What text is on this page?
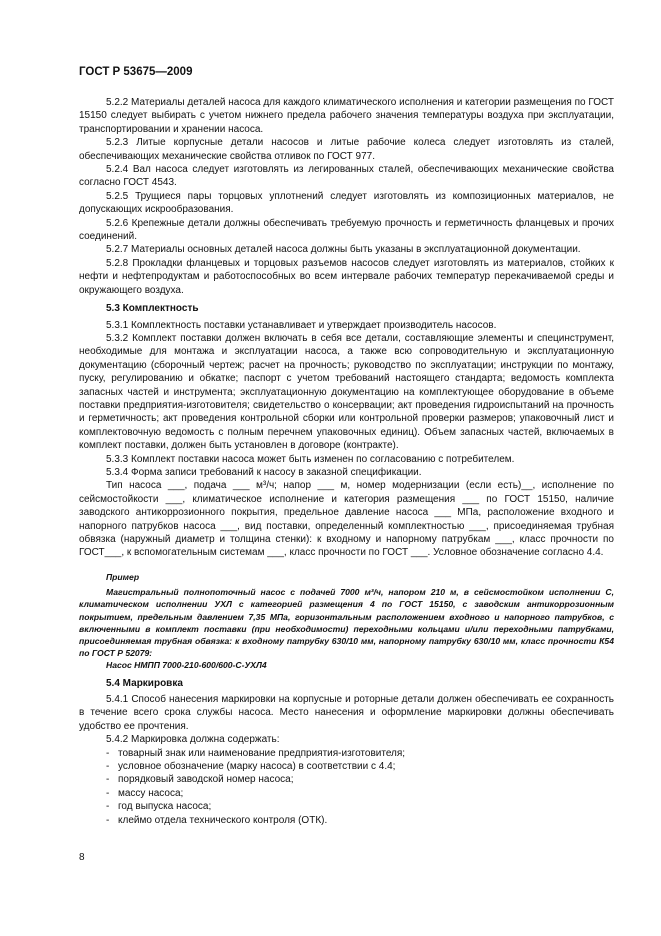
ГОСТ Р 53675—2009

5.2.2 Материалы деталей насоса для каждого климатического исполнения и категории размещения по ГОСТ 15150 следует выбирать с учетом нижнего предела рабочего значения температуры воздуха при эксплуатации, транспортировании и хранении насоса.

5.2.3 Литые корпусные детали насосов и литые рабочие колеса следует изготовлять из сталей, обеспечивающих механические свойства отливок по ГОСТ 977.

5.2.4 Вал насоса следует изготовлять из легированных сталей, обеспечивающих механические свойства согласно ГОСТ 4543.

5.2.5 Трущиеся пары торцовых уплотнений следует изготовлять из композиционных материалов, не допускающих искрообразования.

5.2.6 Крепежные детали должны обеспечивать требуемую прочность и герметичность фланцевых и прочих соединений.

5.2.7 Материалы основных деталей насоса должны быть указаны в эксплуатационной документации.

5.2.8 Прокладки фланцевых и торцовых разъемов насосов следует изготовлять из материалов, стойких к нефти и нефтепродуктам и работоспособных во всем интервале рабочих температур перекачиваемой среды и окружающего воздуха.

5.3 Комплектность

5.3.1 Комплектность поставки устанавливает и утверждает производитель насосов.

5.3.2 Комплект поставки должен включать в себя все детали, составляющие элементы и специнструмент, необходимые для монтажа и эксплуатации насоса, а также всю сопроводительную и эксплуатационную документацию (сборочный чертеж; расчет на прочность; руководство по эксплуатации; инструкции по монтажу, пуску, регулированию и обкатке; паспорт с учетом требований настоящего стандарта; ведомость комплекта запасных частей и инструмента; эксплуатационную документацию на комплектующее оборудование в объеме поставки предприятия-изготовителя; свидетельство о консервации; акт проведения гидроиспытаний на прочность и герметичность; акт проведения контрольной сборки или контрольной проверки размеров; упаковочный лист и комплектовочную ведомость с полным перечнем упаковочных единиц). Объем запасных частей, включаемых в комплект поставки, должен быть установлен в договоре (контракте).

5.3.3 Комплект поставки насоса может быть изменен по согласованию с потребителем.

5.3.4 Форма записи требований к насосу в заказной спецификации.

Тип насоса ___, подача ___ м³/ч; напор ___ м, номер модернизации (если есть)__, исполнение по сейсмостойкости ___, климатическое исполнение и категория размещения ___ по ГОСТ 15150, наличие заводского антикоррозионного покрытия, предельное давление насоса ___ МПа, расположение входного и напорного патрубков насоса ___, вид поставки, определенный комплектностью ___, присоединяемая трубная обвязка (наружный диаметр и толщина стенки): к входному и напорному патрубкам ___, класс прочности по ГОСТ___, к вспомогательным системам ___, класс прочности по ГОСТ ___. Условное обозначение согласно 4.4.

Пример

Магистральный полнопоточный насос с подачей 7000 м³/ч, напором 210 м, в сейсмостойком исполнении С, климатическом исполнении УХЛ с категорией размещения 4 по ГОСТ 15150, с заводским антикоррозионным покрытием, предельным давлением 7,35 МПа, горизонтальным расположением входного и напорного патрубков, с включенными в комплект поставки (при необходимости) переходными кольцами и/или переходными патрубками, присоединяемая трубная обвязка: к входному патрубку 630/10 мм, напорному патрубку 630/10 мм, класс прочности К54 по ГОСТ Р 52079:

Насос НМПП 7000-210-600/600-С-УХЛ4

5.4 Маркировка

5.4.1 Способ нанесения маркировки на корпусные и роторные детали должен обеспечивать ее сохранность в течение всего срока службы насоса. Место нанесения и оформление маркировки должны обеспечивать удобство ее прочтения.

5.4.2 Маркировка должна содержать:

- товарный знак или наименование предприятия-изготовителя;
- условное обозначение (марку насоса) в соответствии с 4.4;
- порядковый заводской номер насоса;
- массу насоса;
- год выпуска насоса;
- клеймо отдела технического контроля (ОТК).
8
